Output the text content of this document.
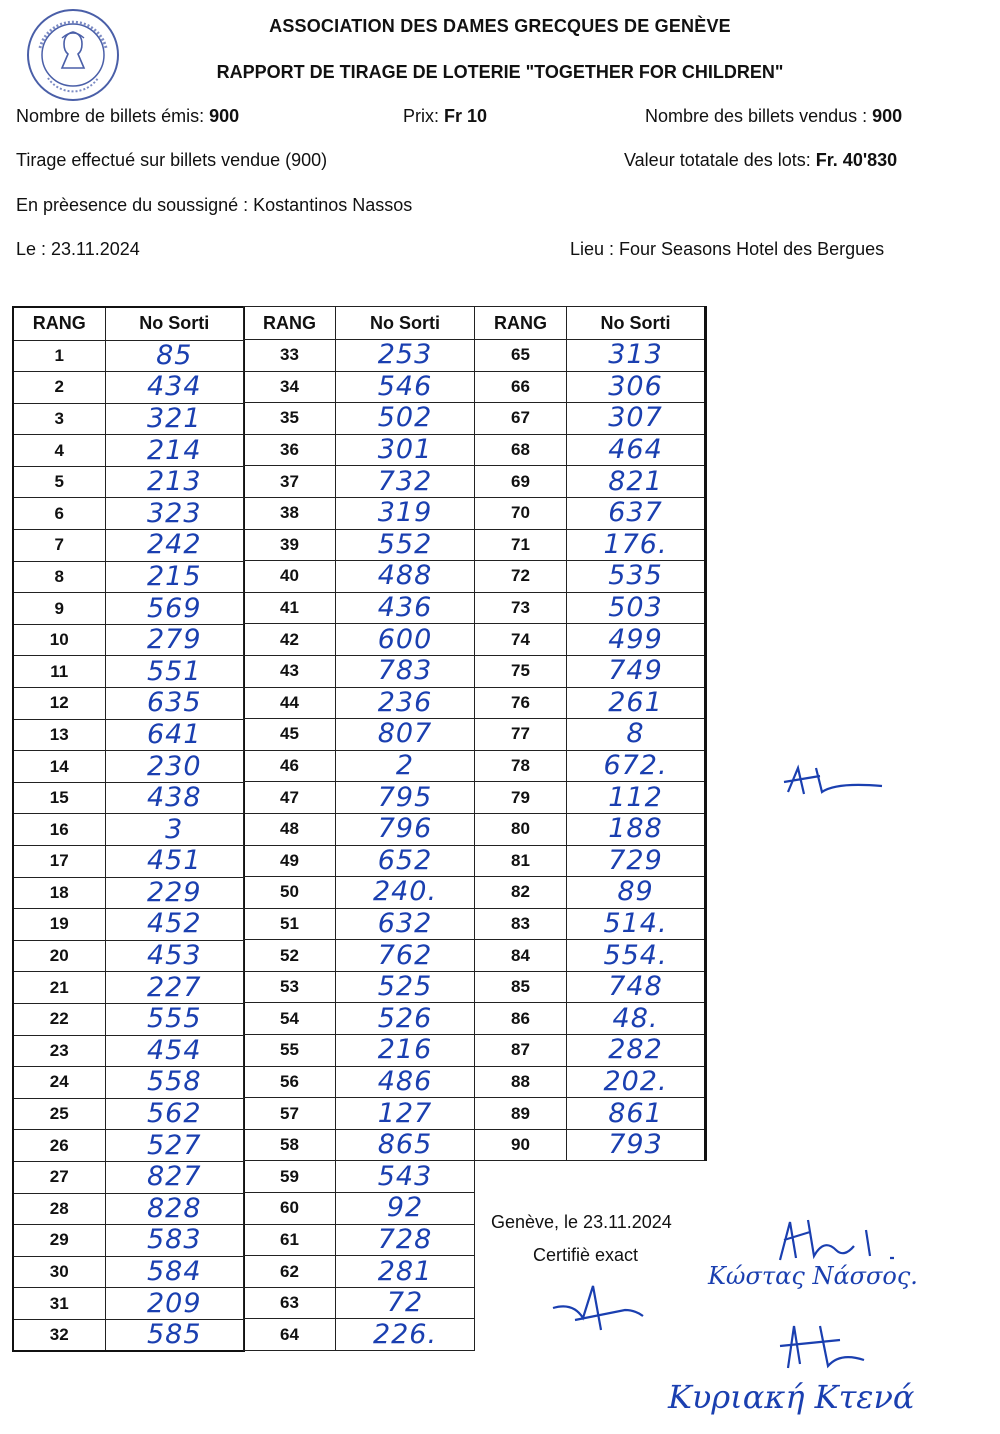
ASSOCIATION DES DAMES GRECQUES DE GENÈVE
RAPPORT DE TIRAGE DE LOTERIE "TOGETHER FOR CHILDREN"
Nombre de billets émis: 900	Prix: Fr 10	Nombre des billets vendus : 900
Tirage effectué sur billets vendue (900)	Valeur totatale des lots: Fr. 40'830
En prèesence du soussigné : Kostantinos Nassos
Le : 23.11.2024	Lieu : Four Seasons Hotel des Bergues
RANG	No Sorti
1	85
2	434
3	321
4	214
5	213
6	323
7	242
8	215
9	569
10	279
11	551
12	635
13	641
14	230
15	438
16	3
17	451
18	229
19	452
20	453
21	227
22	555
23	454
24	558
25	562
26	527
27	827
28	828
29	583
30	584
31	209
32	585
RANG	No Sorti
33	253
34	546
35	502
36	301
37	732
38	319
39	552
40	488
41	436
42	600
43	783
44	236
45	807
46	2
47	795
48	796
49	652
50	240.
51	632
52	762
53	525
54	526
55	216
56	486
57	127
58	865
59	543
60	92
61	728
62	281
63	72
64	226.
RANG	No Sorti
65	313
66	306
67	307
68	464
69	821
70	637
71	176.
72	535
73	503
74	499
75	749
76	261
77	8
78	672.
79	112
80	188
81	729
82	89
83	514.
84	554.
85	748
86	48.
87	282
88	202.
89	861
90	793
Genève, le 23.11.2024
Certifiè exact
Κώστας Νάσσος.
Κυριακή Κτενά
